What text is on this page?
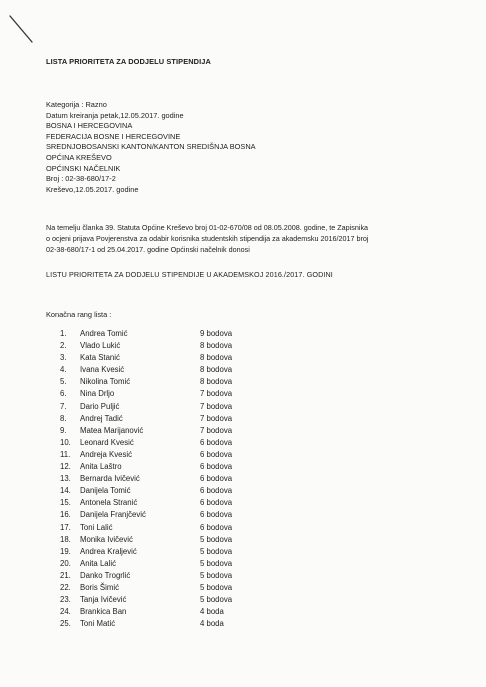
LISTA PRIORITETA ZA DODJELU STIPENDIJA
Kategorija : Razno
Datum kreiranja petak,12.05.2017. godine
BOSNA I HERCEGOVINA
FEDERACIJA BOSNE I HERCEGOVINE
SREDNJOBOSANSKI KANTON/KANTON SREDIŠNJA BOSNA
OPĆINA KREŠEVO
OPĆINSKI NAČELNIK
Broj : 02-38-680/17-2
Kreševo,12.05.2017. godine
Na temelju članka 39. Statuta Općine Kreševo broj 01-02-670/08 od 08.05.2008. godine, te Zapisnika
o ocjeni prijava Povjerenstva za odabir korisnika studentskih stipendija za akademsku 2016/2017 broj
02-38-680/17-1 od 25.04.2017. godine Općinski načelnik donosi
LISTU PRIORITETA ZA DODJELU STIPENDIJE U AKADEMSKOJ 2016./2017. GODINI
Konačna rang lista :
1. Andrea Tomić	9 bodova
2. Vlado Lukić	8 bodova
3. Kata Stanić	8 bodova
4. Ivana Kvesić	8 bodova
5. Nikolina Tomić	8 bodova
6. Nina Drljo	7 bodova
7. Dario Puljić	7 bodova
8. Andrej Tadić	7 bodova
9. Matea Marijanović	7 bodova
10. Leonard Kvesić	6 bodova
11. Andreja Kvesić	6 bodova
12. Anita Laštro	6 bodova
13. Bernarda Ivičević	6 bodova
14. Danijela Tomić	6 bodova
15. Antonela Stranić	6 bodova
16. Danijela Franjčević	6 bodova
17. Toni Lalić	6 bodova
18. Monika Ivičević	5 bodova
19. Andrea Kraljević	5 bodova
20. Anita Lalić	5 bodova
21. Danko Trogrlić	5 bodova
22. Boris Šimić	5 bodova
23. Tanja Ivičević	5 bodova
24. Brankica Ban	4 boda
25. Toni Matić	4 boda
